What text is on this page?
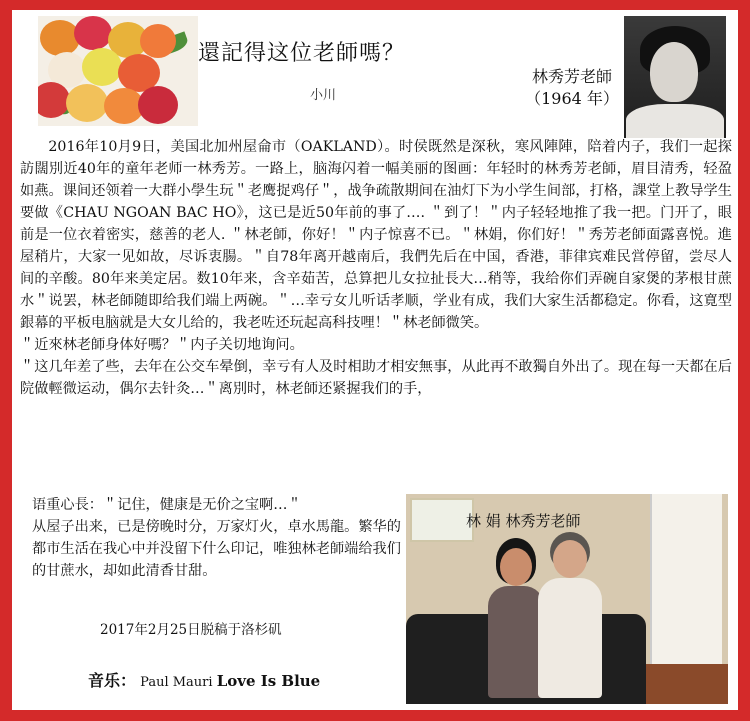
還記得这位老師嗎？
小川
林秀芳老師
（1964 年）

2016年10月9日，美国北加州屋侖市（OAKLAND）。时侯既然是深秋，寒风陣陣，陪着内子，我们一起探訪闊別近40年的童年老师一林秀芳。一路上，脑海闪着一幅美丽的图画：年轻时的林秀芳老師，眉目清秀，轻盈如燕。课间还领着一大群小學生玩＂老鹰捉鸡仔＂，战争疏散期间在油灯下为小学生间部，打格，課堂上教导学生要做《CHAU NGOAN BAC HO》，这已是近50年前的事了…. ＂到了！＂内子轻轻地推了我一把。门开了，眼前是一位衣着密实，慈善的老人. ＂林老師，你好！＂内子惊喜不已。＂林娟，你们好！＂秀芳老師面露喜悦。進屋稍片，大家一见如故，尽诉衷腸。＂自78年离开越南后，我們先后在中国，香港，菲律宾难民営停留，尝尽人间的辛酸。80年来美定居。数10年来，含辛茹苦，总算把儿女拉扯長大…稍等，我给你们弄碗自家煲的茅根甘蔗水＂说罢，林老師随即给我们端上两碗。＂…幸亏女儿听话孝顺，学业有成，我们大家生活都稳定。你看，这寛型銀幕的平板电脑就是大女儿给的，我老咗还玩起高科技哩！＂林老師微笑。

＂近來林老師身体好嗎？＂内子关切地询问。

＂这几年差了些，去年在公交车晕倒，幸亏有人及时相助才相安無事，从此再不敢獨自外出了。现在每一天都在后院做輕微运动，偶尔去针灸…＂离別时，林老師还紧握我们的手，

语重心長：＂记住，健康是无价之宝啊…＂

从屋子出来，已是傍晚时分，万家灯火，卓水馬龍。繁华的都市生活在我心中并没留下什么印记，唯独林老師端给我们的甘蔗水，却如此清香甘甜。

2017年2月25日脱稿于洛杉矶
音乐： Paul Mauri Love Is Blue
林 娟 林秀芳老師
